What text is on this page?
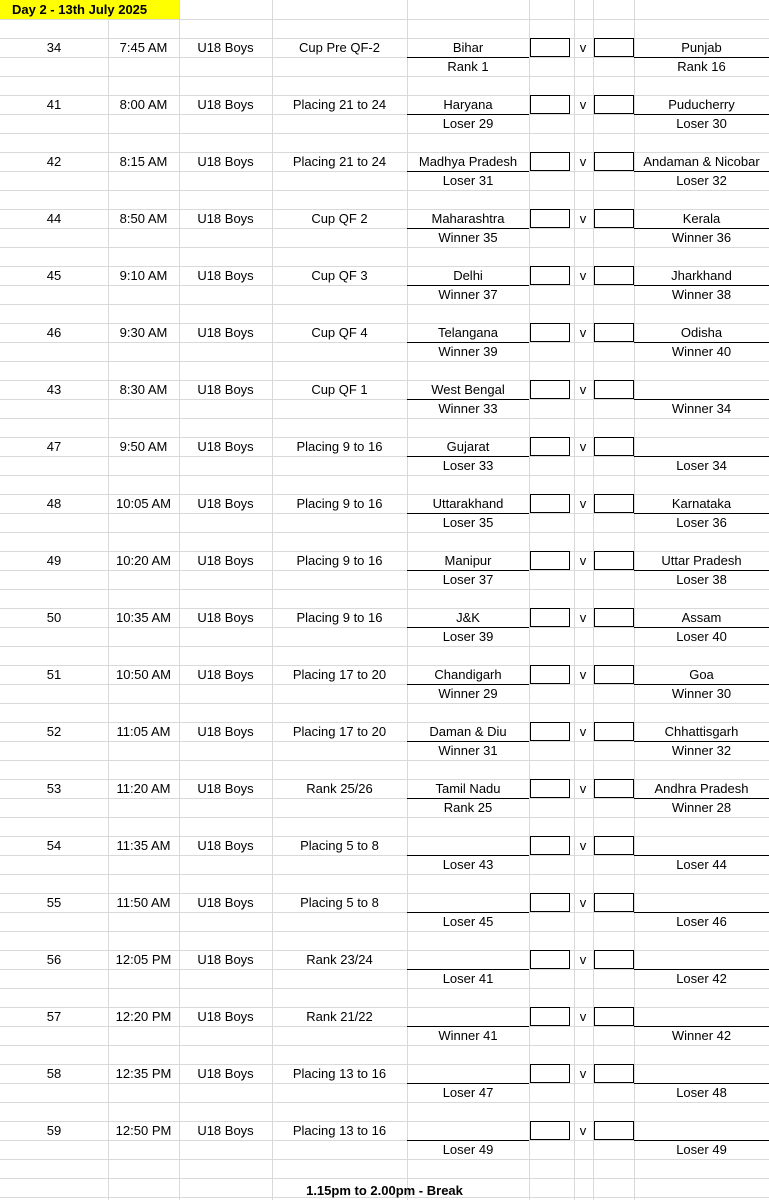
Day 2 - 13th July 2025
34	7:45 AM	U18 Boys	Cup Pre QF-2	Bihar	Punjab
Rank 1	Rank 16
v
41	8:00 AM	U18 Boys	Placing 21 to 24	Haryana	Puducherry
Loser 29	Loser 30
v
42	8:15 AM	U18 Boys	Placing 21 to 24	Madhya Pradesh	Andaman & Nicobar
Loser 31	Loser 32
v
44	8:50 AM	U18 Boys	Cup QF 2	Maharashtra	Kerala
Winner 35	Winner 36
v
45	9:10 AM	U18 Boys	Cup QF 3	Delhi	Jharkhand
Winner 37	Winner 38
v
46	9:30 AM	U18 Boys	Cup QF 4	Telangana	Odisha
Winner 39	Winner 40
v
43	8:30 AM	U18 Boys	Cup QF 1	West Bengal
Winner 33	Winner 34
v
47	9:50 AM	U18 Boys	Placing 9 to 16	Gujarat
Loser 33	Loser 34
v
48	10:05 AM	U18 Boys	Placing 9 to 16	Uttarakhand	Karnataka
Loser 35	Loser 36
v
49	10:20 AM	U18 Boys	Placing 9 to 16	Manipur	Uttar Pradesh
Loser 37	Loser 38
v
50	10:35 AM	U18 Boys	Placing 9 to 16	J&K	Assam
Loser 39	Loser 40
v
51	10:50 AM	U18 Boys	Placing 17 to 20	Chandigarh	Goa
Winner 29	Winner 30
v
52	11:05 AM	U18 Boys	Placing 17 to 20	Daman & Diu	Chhattisgarh
Winner 31	Winner 32
v
53	11:20 AM	U18 Boys	Rank 25/26	Tamil Nadu	Andhra Pradesh
Rank 25	Winner 28
v
54	11:35 AM	U18 Boys	Placing 5 to 8
Loser 43	Loser 44
v
55	11:50 AM	U18 Boys	Placing 5 to 8
Loser 45	Loser 46
v
56	12:05 PM	U18 Boys	Rank 23/24
Loser 41	Loser 42
v
57	12:20 PM	U18 Boys	Rank 21/22
Winner 41	Winner 42
v
58	12:35 PM	U18 Boys	Placing 13 to 16
Loser 47	Loser 48
v
59	12:50 PM	U18 Boys	Placing 13 to 16
Loser 49	Loser 49
v
1.15pm to 2.00pm - Break
